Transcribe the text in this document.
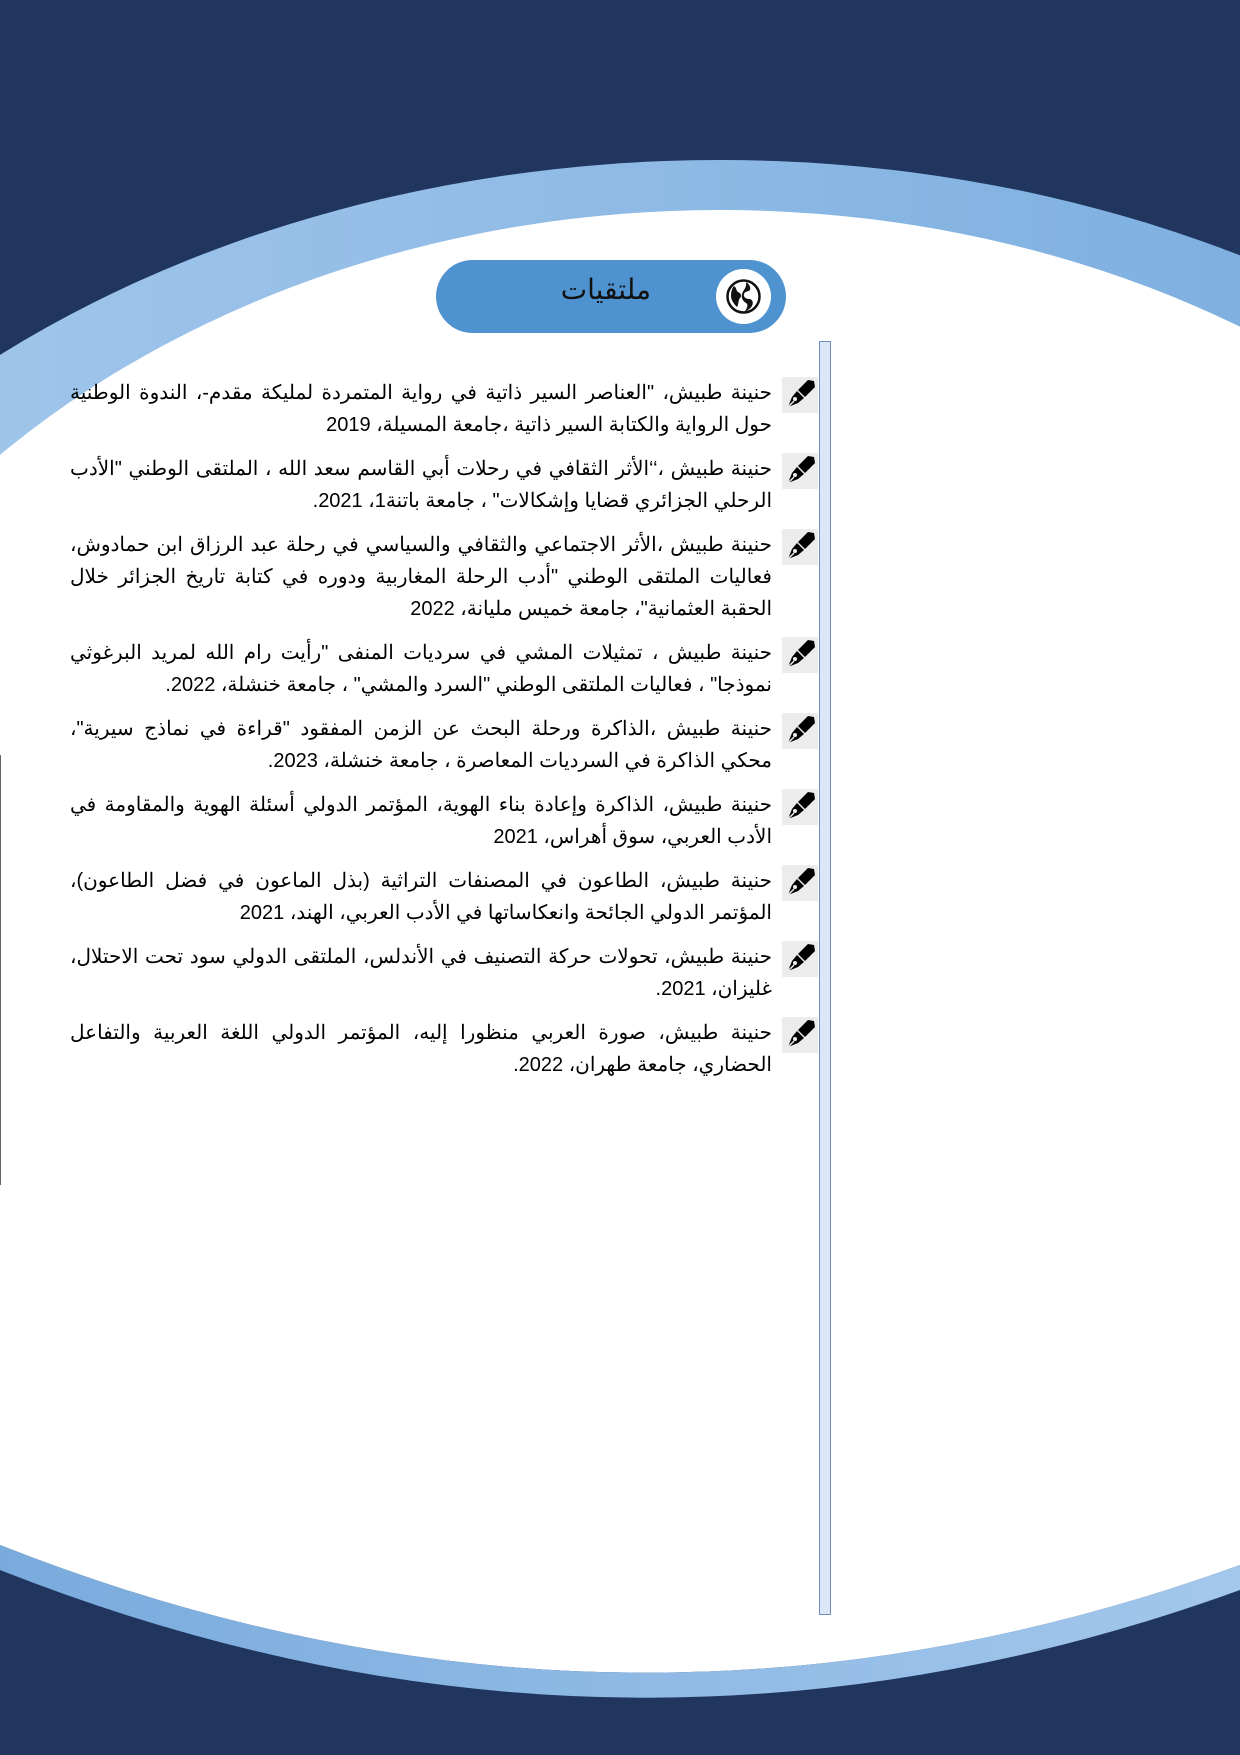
ملتقيات
حنينة طبيش، "العناصر السير ذاتية في رواية المتمردة لمليكة مقدم-، الندوة الوطنية حول الرواية والكتابة السير ذاتية ،جامعة المسيلة، 2019
حنينة طبيش ،‘‘الأثر الثقافي في رحلات أبي القاسم سعد الله ، الملتقى الوطني "الأدب الرحلي الجزائري قضايا وإشكالات" ، جامعة باتنة1، 2021.
حنينة طبيش ،الأثر الاجتماعي والثقافي والسياسي في رحلة عبد الرزاق ابن حمادوش، فعاليات الملتقى الوطني "أدب الرحلة المغاربية ودوره في كتابة تاريخ الجزائر خلال الحقبة العثمانية"، جامعة خميس مليانة، 2022
حنينة طبيش ، تمثيلات المشي في سرديات المنفى "رأيت رام الله لمريد البرغوثي نموذجا" ، فعاليات الملتقى الوطني "السرد والمشي" ، جامعة خنشلة، 2022.
حنينة طبيش ،الذاكرة ورحلة البحث عن الزمن المفقود "قراءة في نماذج سيرية"، محكي الذاكرة في السرديات المعاصرة ، جامعة خنشلة، 2023.
حنينة طبيش، الذاكرة وإعادة بناء الهوية، المؤتمر الدولي أسئلة الهوية والمقاومة في الأدب العربي، سوق أهراس، 2021
حنينة طبيش، الطاعون في المصنفات التراثية (بذل الماعون في فضل الطاعون)، المؤتمر الدولي الجائحة وانعكاساتها في الأدب العربي، الهند، 2021
حنينة طبيش، تحولات حركة التصنيف في الأندلس، الملتقى الدولي سود تحت الاحتلال، غليزان، 2021.
حنينة طبيش، صورة العربي منظورا إليه، المؤتمر الدولي اللغة العربية والتفاعل الحضاري، جامعة طهران، 2022.
